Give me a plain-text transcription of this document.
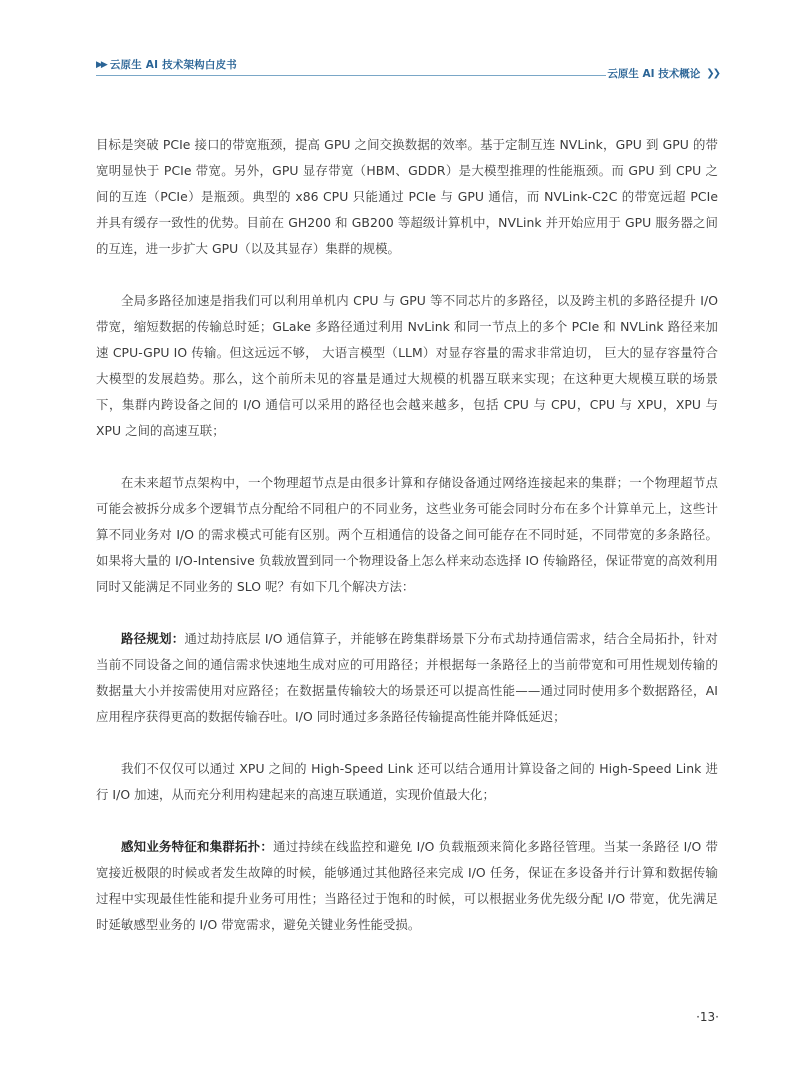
▶▶ 云原生 AI 技术架构白皮书
云原生 AI 技术概论 ❯❯

目标是突破 PCIe 接口的带宽瓶颈，提高 GPU 之间交换数据的效率。基于定制互连 NVLink，GPU 到 GPU 的带宽明显快于 PCIe 带宽。另外，GPU 显存带宽（HBM、GDDR）是大模型推理的性能瓶颈。而 GPU 到 CPU 之间的互连（PCIe）是瓶颈。典型的 x86 CPU 只能通过 PCIe 与 GPU 通信，而 NVLink-C2C 的带宽远超 PCIe 并具有缓存一致性的优势。目前在 GH200 和 GB200 等超级计算机中，NVLink 并开始应用于 GPU 服务器之间的互连，进一步扩大 GPU（以及其显存）集群的规模。

全局多路径加速是指我们可以利用单机内 CPU 与 GPU 等不同芯片的多路径，以及跨主机的多路径提升 I/O 带宽，缩短数据的传输总时延；GLake 多路径通过利用 NvLink 和同一节点上的多个 PCIe 和 NVLink 路径来加速 CPU-GPU IO 传输。但这远远不够， 大语言模型（LLM）对显存容量的需求非常迫切， 巨大的显存容量符合大模型的发展趋势。那么，这个前所未见的容量是通过大规模的机器互联来实现；在这种更大规模互联的场景下，集群内跨设备之间的 I/O 通信可以采用的路径也会越来越多，包括 CPU 与 CPU，CPU 与 XPU，XPU 与 XPU 之间的高速互联；

在未来超节点架构中，一个物理超节点是由很多计算和存储设备通过网络连接起来的集群；一个物理超节点可能会被拆分成多个逻辑节点分配给不同租户的不同业务，这些业务可能会同时分布在多个计算单元上，这些计算不同业务对 I/O 的需求模式可能有区别。两个互相通信的设备之间可能存在不同时延，不同带宽的多条路径。如果将大量的 I/O-Intensive 负载放置到同一个物理设备上怎么样来动态选择 IO 传输路径，保证带宽的高效利用同时又能满足不同业务的 SLO 呢？有如下几个解决方法：

路径规划：通过劫持底层 I/O 通信算子，并能够在跨集群场景下分布式劫持通信需求，结合全局拓扑，针对当前不同设备之间的通信需求快速地生成对应的可用路径；并根据每一条路径上的当前带宽和可用性规划传输的数据量大小并按需使用对应路径；在数据量传输较大的场景还可以提高性能——通过同时使用多个数据路径，AI 应用程序获得更高的数据传输吞吐。I/O 同时通过多条路径传输提高性能并降低延迟；

我们不仅仅可以通过 XPU 之间的 High-Speed Link 还可以结合通用计算设备之间的 High-Speed Link 进行 I/O 加速，从而充分利用构建起来的高速互联通道，实现价值最大化；

感知业务特征和集群拓扑：通过持续在线监控和避免 I/O 负载瓶颈来简化多路径管理。当某一条路径 I/O 带宽接近极限的时候或者发生故障的时候，能够通过其他路径来完成 I/O 任务，保证在多设备并行计算和数据传输过程中实现最佳性能和提升业务可用性；当路径过于饱和的时候，可以根据业务优先级分配 I/O 带宽，优先满足时延敏感型业务的 I/O 带宽需求，避免关键业务性能受损。

·13·
